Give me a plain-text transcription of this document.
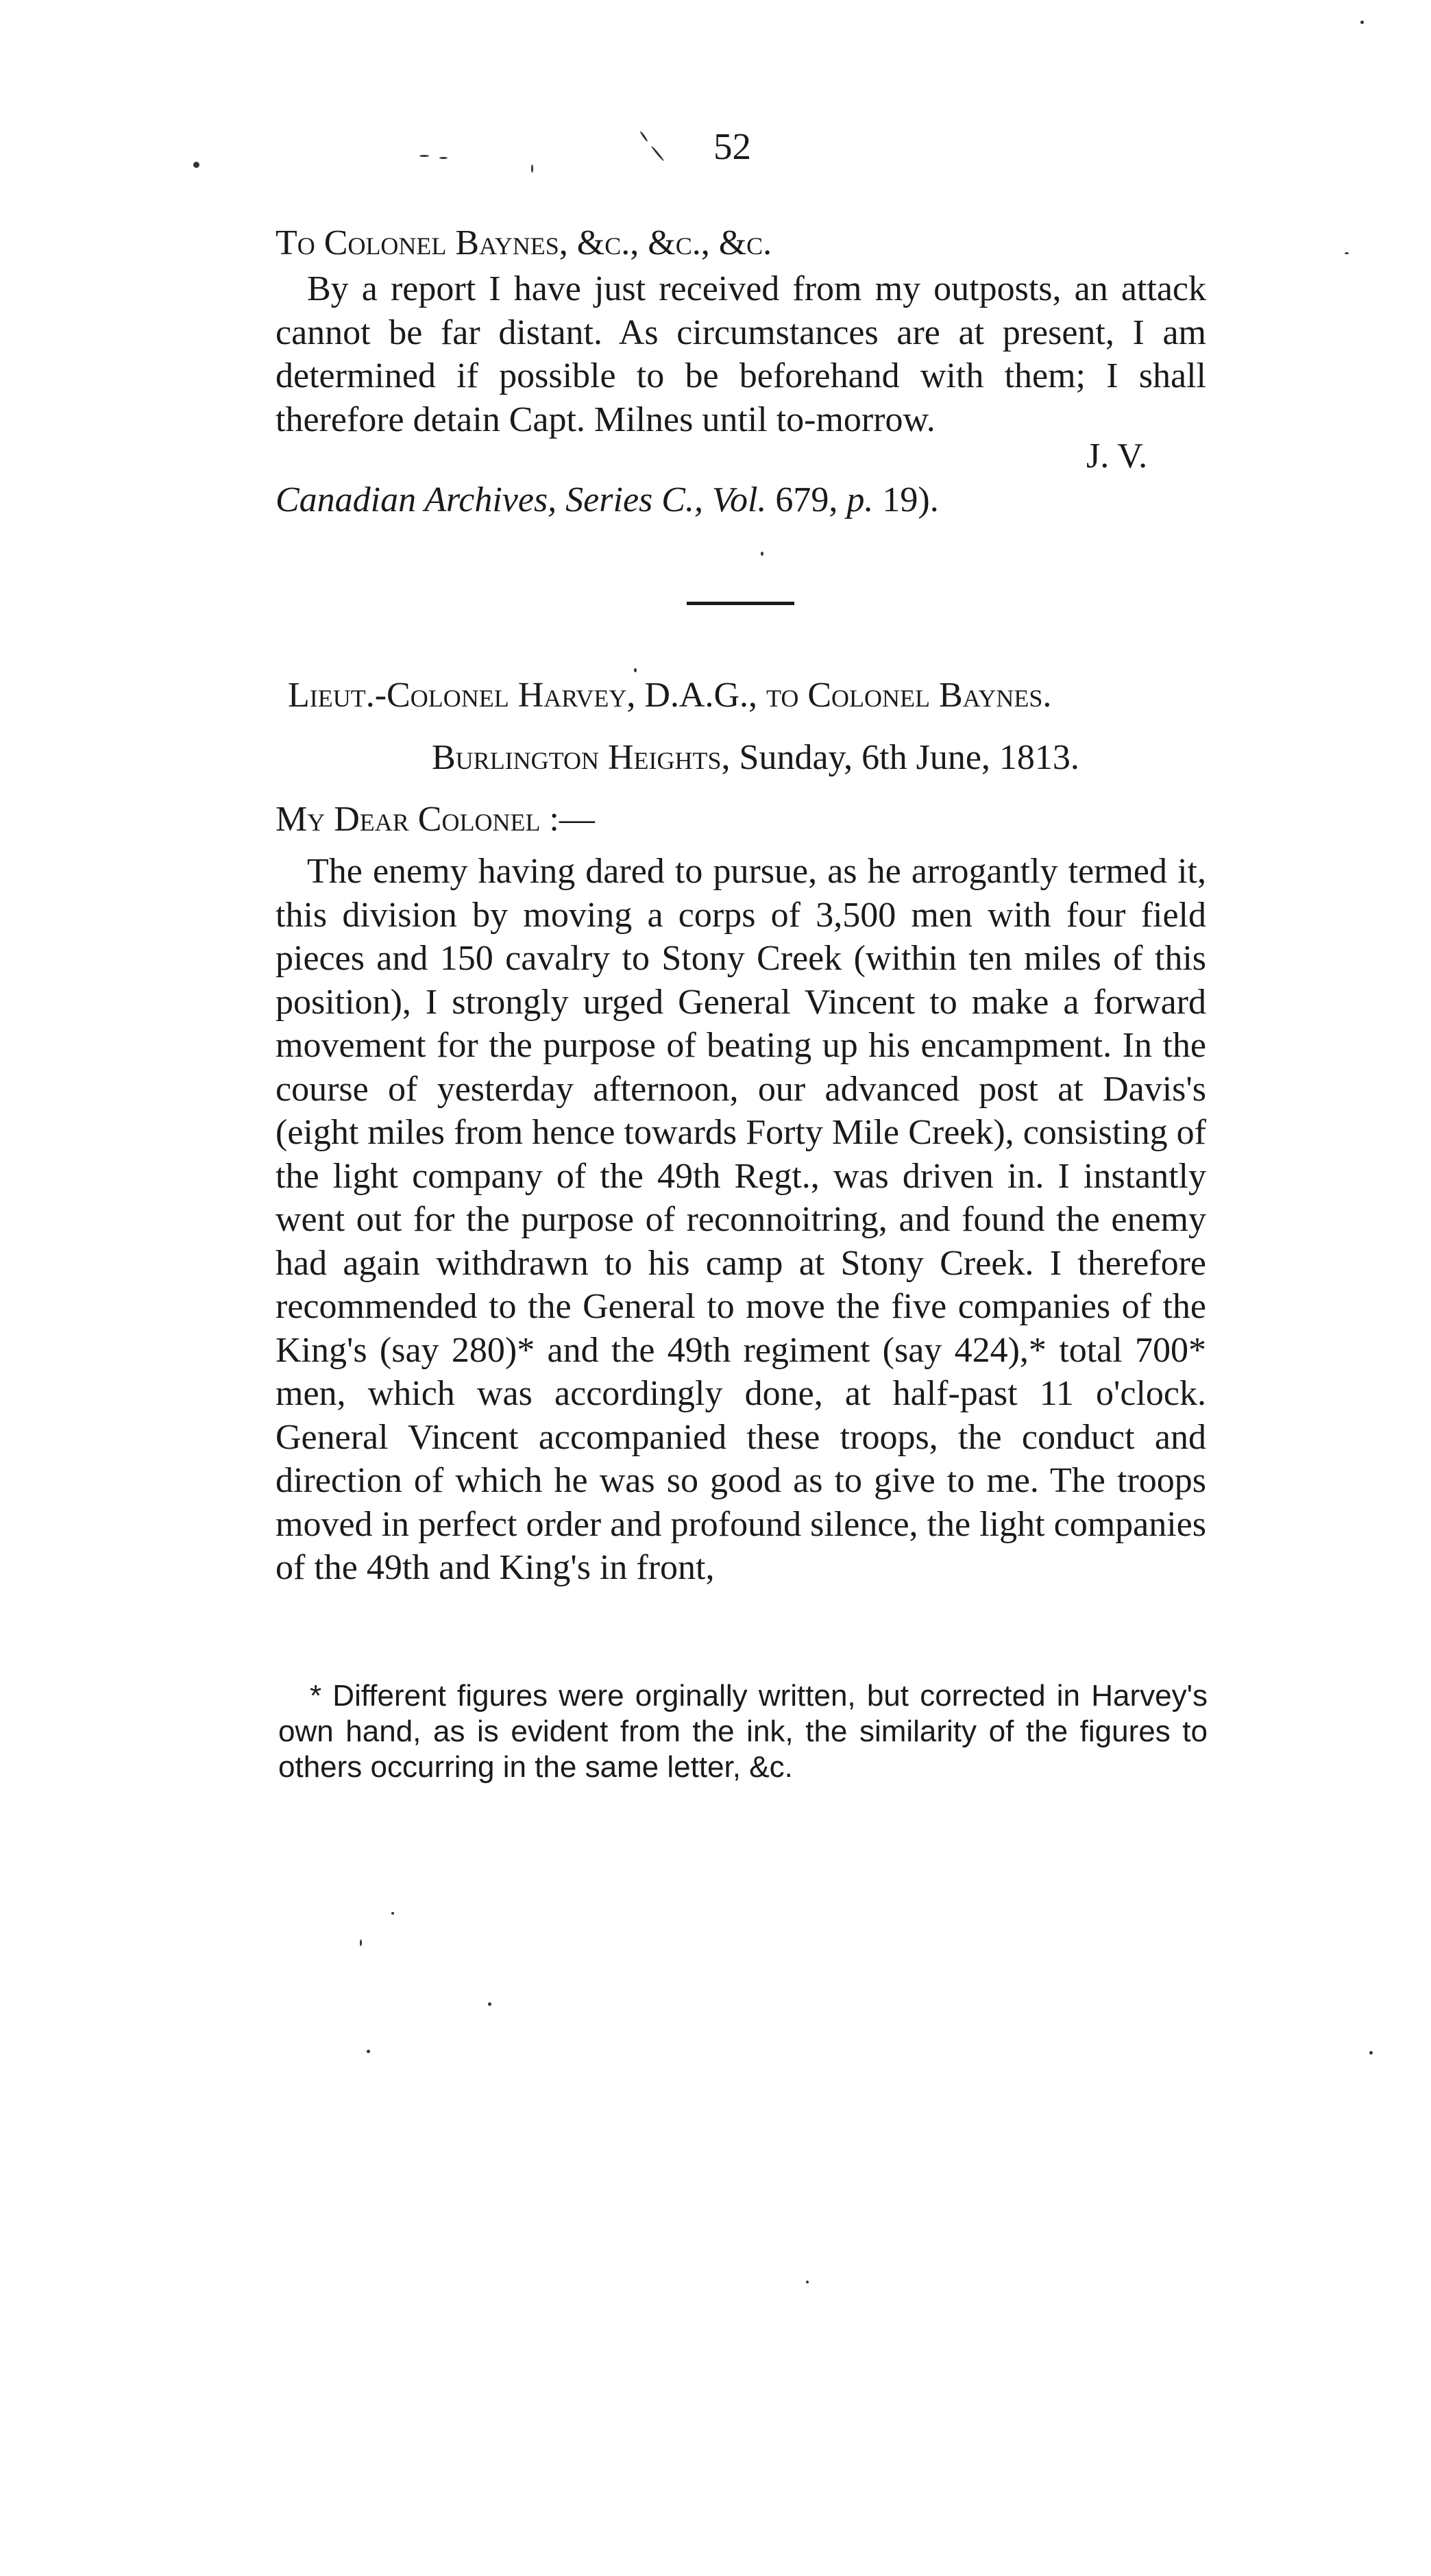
52

To Colonel Baynes, &c., &c., &c.

By a report I have just received from my outposts, an attack cannot be far distant. As circumstances are at present, I am determined if possible to be beforehand with them; I shall therefore detain Capt. Milnes until to-morrow.

J. V.
Canadian Archives, Series C., Vol. 679, p. 19).
Lieut.-Colonel Harvey, D.A.G., to Colonel Baynes.
Burlington Heights, Sunday, 6th June, 1813.
My Dear Colonel :—

The enemy having dared to pursue, as he arrogantly termed it, this division by moving a corps of 3,500 men with four field pieces and 150 cavalry to Stony Creek (within ten miles of this position), I strongly urged General Vincent to make a forward movement for the purpose of beating up his encampment. In the course of yesterday afternoon, our advanced post at Davis's (eight miles from hence towards Forty Mile Creek), consisting of the light company of the 49th Regt., was driven in. I instantly went out for the purpose of reconnoitring, and found the enemy had again withdrawn to his camp at Stony Creek. I therefore recommended to the General to move the five companies of the King's (say 280)* and the 49th regiment (say 424),* total 700* men, which was accordingly done, at half-past 11 o'clock. General Vincent accompanied these troops, the conduct and direction of which he was so good as to give to me. The troops moved in perfect order and profound silence, the light companies of the 49th and King's in front,

* Different figures were orginally written, but corrected in Harvey's own hand, as is evident from the ink, the similarity of the figures to others occurring in the same letter, &c.
